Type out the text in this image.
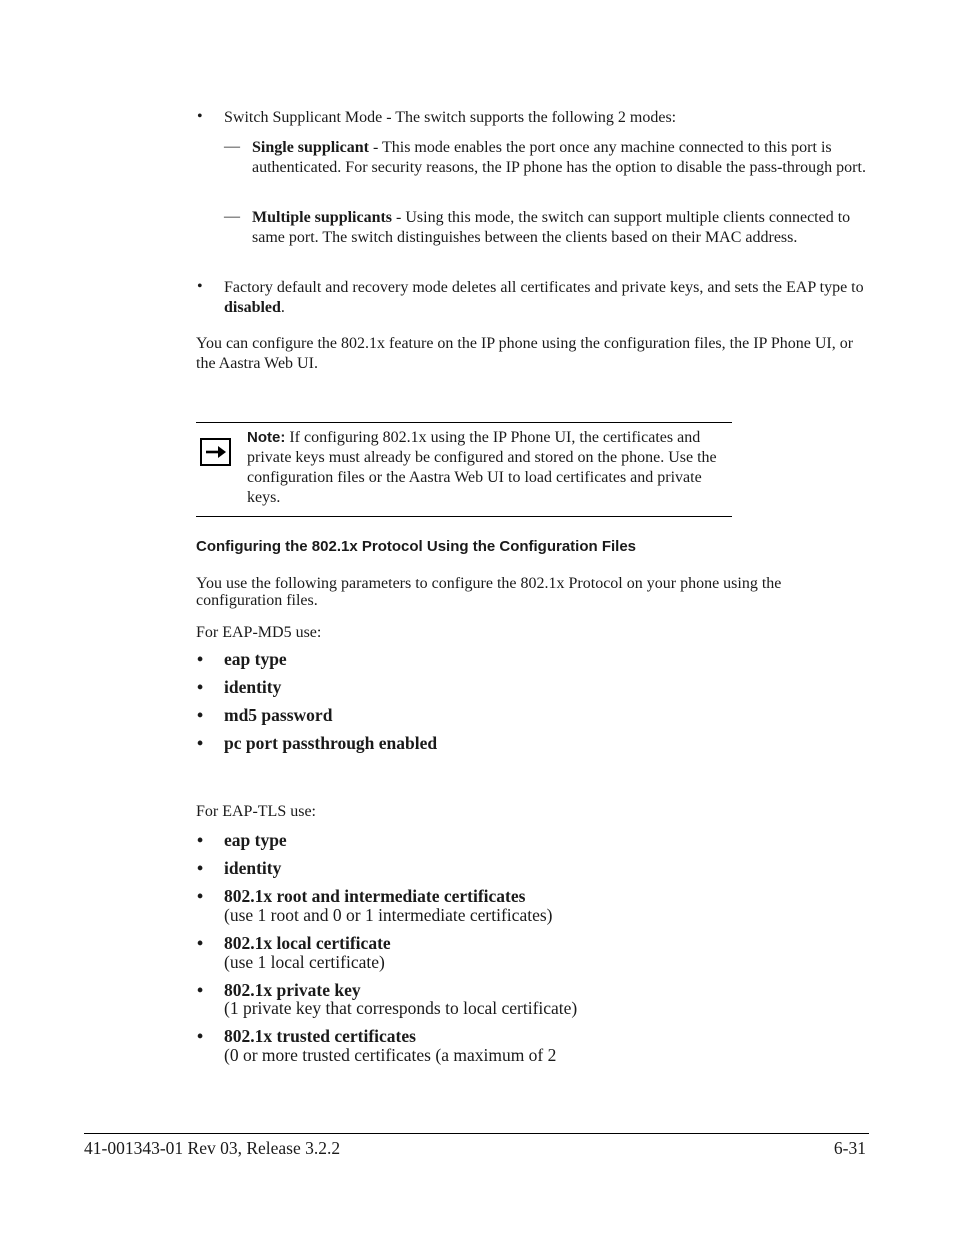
• Switch Supplicant Mode - The switch supports the following 2 modes:
— Single supplicant - This mode enables the port once any machine connected to this port is authenticated. For security reasons, the IP phone has the option to disable the pass-through port.
— Multiple supplicants - Using this mode, the switch can support multiple clients connected to same port. The switch distinguishes between the clients based on their MAC address.
• Factory default and recovery mode deletes all certificates and private keys, and sets the EAP type to disabled.
You can configure the 802.1x feature on the IP phone using the configuration files, the IP Phone UI, or the Aastra Web UI.
Note: If configuring 802.1x using the IP Phone UI, the certificates and private keys must already be configured and stored on the phone. Use the configuration files or the Aastra Web UI to load certificates and private keys.
Configuring the 802.1x Protocol Using the Configuration Files
You use the following parameters to configure the 802.1x Protocol on your phone using the configuration files.
For EAP-MD5 use:
• eap type
• identity
• md5 password
• pc port passthrough enabled
For EAP-TLS use:
• eap type
• identity
• 802.1x root and intermediate certificates
(use 1 root and 0 or 1 intermediate certificates)
• 802.1x local certificate
(use 1 local certificate)
• 802.1x private key
(1 private key that corresponds to local certificate)
• 802.1x trusted certificates
(0 or more trusted certificates (a maximum of 2
41-001343-01 Rev 03, Release 3.2.2	6-31
